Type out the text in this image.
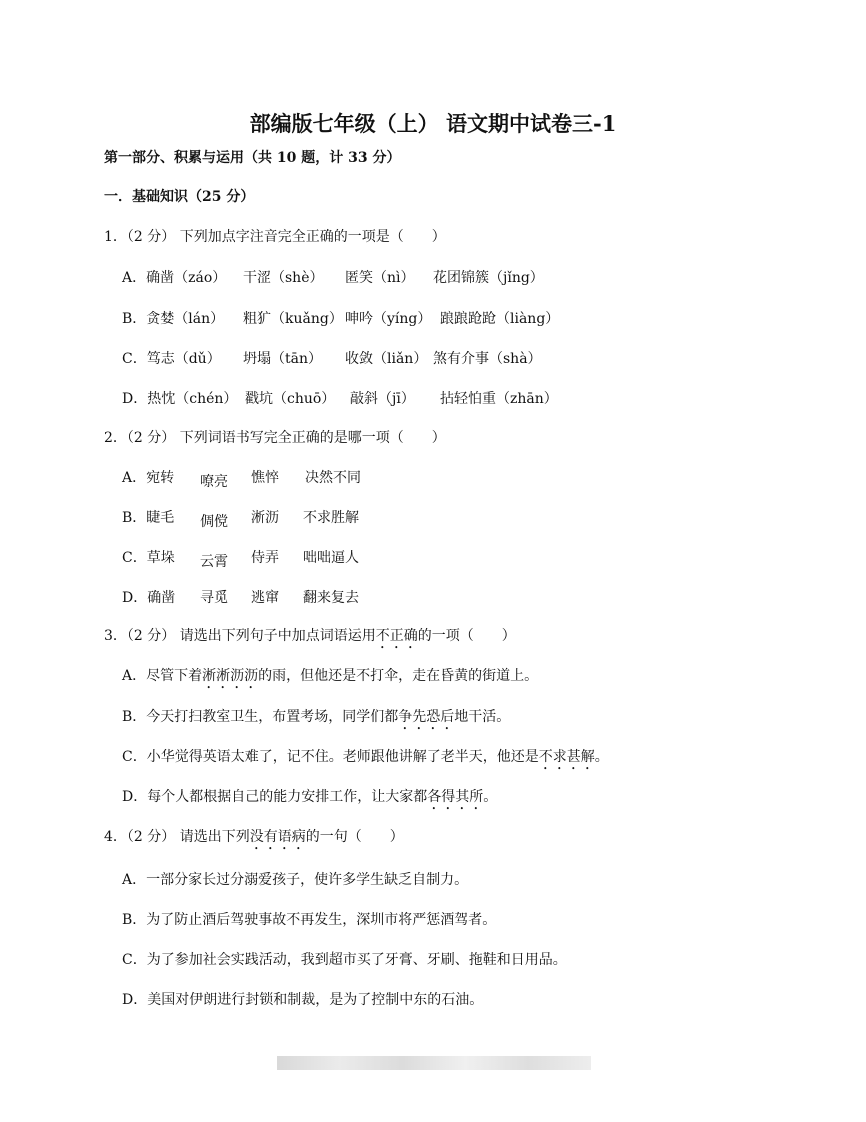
部编版七年级（上） 语文期中试卷三-1
第一部分、积累与运用（共 10 题，计 33 分）
一．基础知识（25 分）
1．（2 分） 下列加点字注音完全正确的一项是（　　）
A．确凿（záo） 干涩（shè） 匿笑（nì） 花团锦簇（jǐng）
B．贪婪（lán） 粗犷（kuǎng） 呻吟（yíng） 踉踉跄跄（liàng）
C．笃志（dǔ） 坍塌（tān） 收敛（liǎn） 煞有介事（shà）
D．热忱（chén） 戳坑（chuō） 敲斜（jī） 拈轻怕重（zhān）
2．（2 分） 下列词语书写完全正确的是哪一项（　　）
A．宛转 嘹亮 憔悴 决然不同
B．睫毛 倜傥 淅沥 不求胜解
C．草垛 云霄 侍弄 咄咄逼人
D．确凿 寻觅 逃窜 翻来复去
3．（2 分） 请选出下列句子中加点词语运用不正确的一项（　　）
A．尽管下着淅淅沥沥的雨，但他还是不打伞，走在昏黄的街道上。
B．今天打扫教室卫生，布置考场，同学们都争先恐后地干活。
C．小华觉得英语太难了，记不住。老师跟他讲解了老半天，他还是不求甚解。
D．每个人都根据自己的能力安排工作，让大家都各得其所。
4．（2 分） 请选出下列没有语病的一句（　　）
A．一部分家长过分溺爱孩子，使许多学生缺乏自制力。
B．为了防止酒后驾驶事故不再发生，深圳市将严惩酒驾者。
C．为了参加社会实践活动，我到超市买了牙膏、牙刷、拖鞋和日用品。
D．美国对伊朗进行封锁和制裁，是为了控制中东的石油。
